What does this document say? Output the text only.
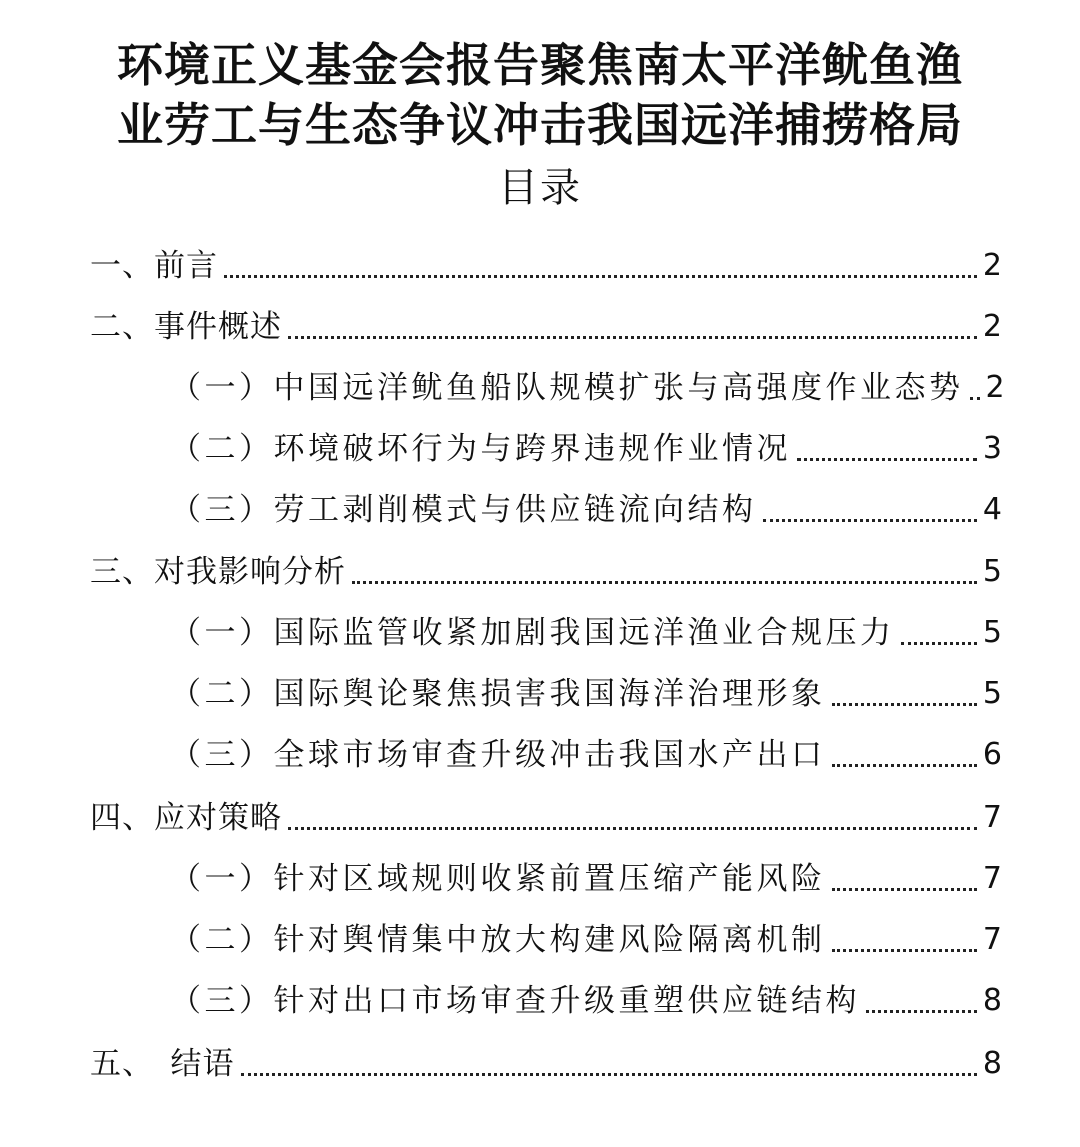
环境正义基金会报告聚焦南太平洋鱿鱼渔
业劳工与生态争议冲击我国远洋捕捞格局
目录
一、前言	2
二、事件概述	2
（一）中国远洋鱿鱼船队规模扩张与高强度作业态势 2
（二）环境破坏行为与跨界违规作业情况	3
（三）劳工剥削模式与供应链流向结构	4
三、对我影响分析	5
（一）国际监管收紧加剧我国远洋渔业合规压力	5
（二）国际舆论聚焦损害我国海洋治理形象	5
（三）全球市场审查升级冲击我国水产出口	6
四、应对策略	7
（一）针对区域规则收紧前置压缩产能风险	7
（二）针对舆情集中放大构建风险隔离机制	7
（三）针对出口市场审查升级重塑供应链结构	8
五、　结语	8
